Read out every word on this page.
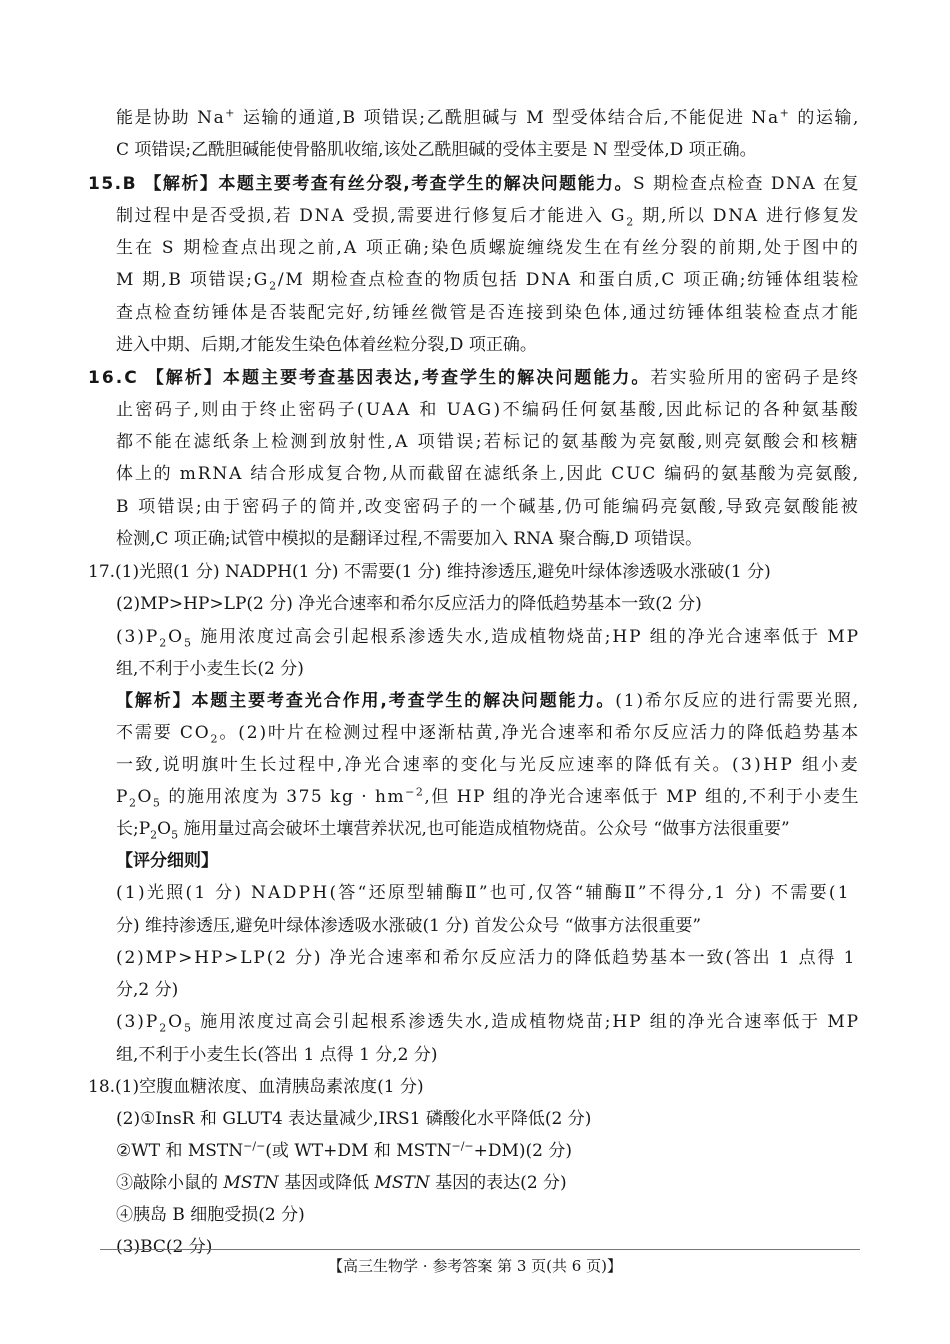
能是协助 Na+ 运输的通道,B 项错误;乙酰胆碱与 M 型受体结合后,不能促进 Na+ 的运输,
C 项错误;乙酰胆碱能使骨骼肌收缩,该处乙酰胆碱的受体主要是 N 型受体,D 项正确。
15.B 【解析】本题主要考查有丝分裂,考查学生的解决问题能力。S 期检查点检查 DNA 在复
制过程中是否受损,若 DNA 受损,需要进行修复后才能进入 $G_2$ 期,所以 DNA 进行修复发
生在 S 期检查点出现之前,A 项正确;染色质螺旋缠绕发生在有丝分裂的前期,处于图中的
M 期,B 项错误$;G_2/M$ 期检查点检查的物质包括 DNA 和蛋白质,C 项正确;纺锤体组装检
查点检查纺锤体是否装配完好,纺锤丝微管是否连接到染色体,通过纺锤体组装检查点才能
进入中期、后期,才能发生染色体着丝粒分裂,D 项正确。
16.C 【解析】本题主要考查基因表达,考查学生的解决问题能力。若实验所用的密码子是终
止密码子,则由于终止密码子(UAA 和 UAG)不编码任何氨基酸,因此标记的各种氨基酸
都不能在滤纸条上检测到放射性,A 项错误;若标记的氨基酸为亮氨酸,则亮氨酸会和核糖
体上的 mRNA 结合形成复合物,从而截留在滤纸条上,因此 CUC 编码的氨基酸为亮氨酸,
B 项错误;由于密码子的简并,改变密码子的一个碱基,仍可能编码亮氨酸,导致亮氨酸能被
检测,C 项正确;试管中模拟的是翻译过程,不需要加入 RNA 聚合酶,D 项错误。
17.(1)光照(1 分) NADPH(1 分) 不需要(1 分) 维持渗透压,避免叶绿体渗透吸水涨破(1 分)
(2)MP>HP>LP(2 分) 净光合速率和希尔反应活力的降低趋势基本一致(2 分)
$(3)P_2O_5$ 施用浓度过高会引起根系渗透失水,造成植物烧苗;HP 组的净光合速率低于 MP
组,不利于小麦生长(2 分)
【解析】本题主要考查光合作用,考查学生的解决问题能力。(1)希尔反应的进行需要光照,
不需要 $CO_2$。(2)叶片在检测过程中逐渐枯黄,净光合速率和希尔反应活力的降低趋势基本
一致,说明旗叶生长过程中,净光合速率的变化与光反应速率的降低有关。(3)HP 组小麦
$P_2O_5$ 的施用浓度为 375 kg · $hm^{-2}$,但 HP 组的净光合速率低于 MP 组的,不利于小麦生
长$;P_2O_5$ 施用量过高会破坏土壤营养状况,也可能造成植物烧苗。公众号 “做事方法很重要”
【评分细则】
(1)光照(1 分) NADPH(答“还原型辅酶Ⅱ”也可,仅答“辅酶Ⅱ”不得分,1 分) 不需要(1
分) 维持渗透压,避免叶绿体渗透吸水涨破(1 分) 首发公众号 “做事方法很重要”
(2)MP>HP>LP(2 分) 净光合速率和希尔反应活力的降低趋势基本一致(答出 1 点得 1
分,2 分)
$(3)P_2O_5$ 施用浓度过高会引起根系渗透失水,造成植物烧苗;HP 组的净光合速率低于 MP
组,不利于小麦生长(答出 1 点得 1 分,2 分)
18.(1)空腹血糖浓度、血清胰岛素浓度(1 分)
(2)①InsR 和 GLUT4 表达量减少,IRS1 磷酸化水平降低(2 分)
②WT 和 MSTN−/−(或 WT+DM 和 MSTN−/−+DM)(2 分)
③敲除小鼠的 MSTN 基因或降低 MSTN 基因的表达(2 分)
④胰岛 B 细胞受损(2 分)
(3)BC(2 分)
【高三生物学 · 参考答案 第 3 页(共 6 页)】
